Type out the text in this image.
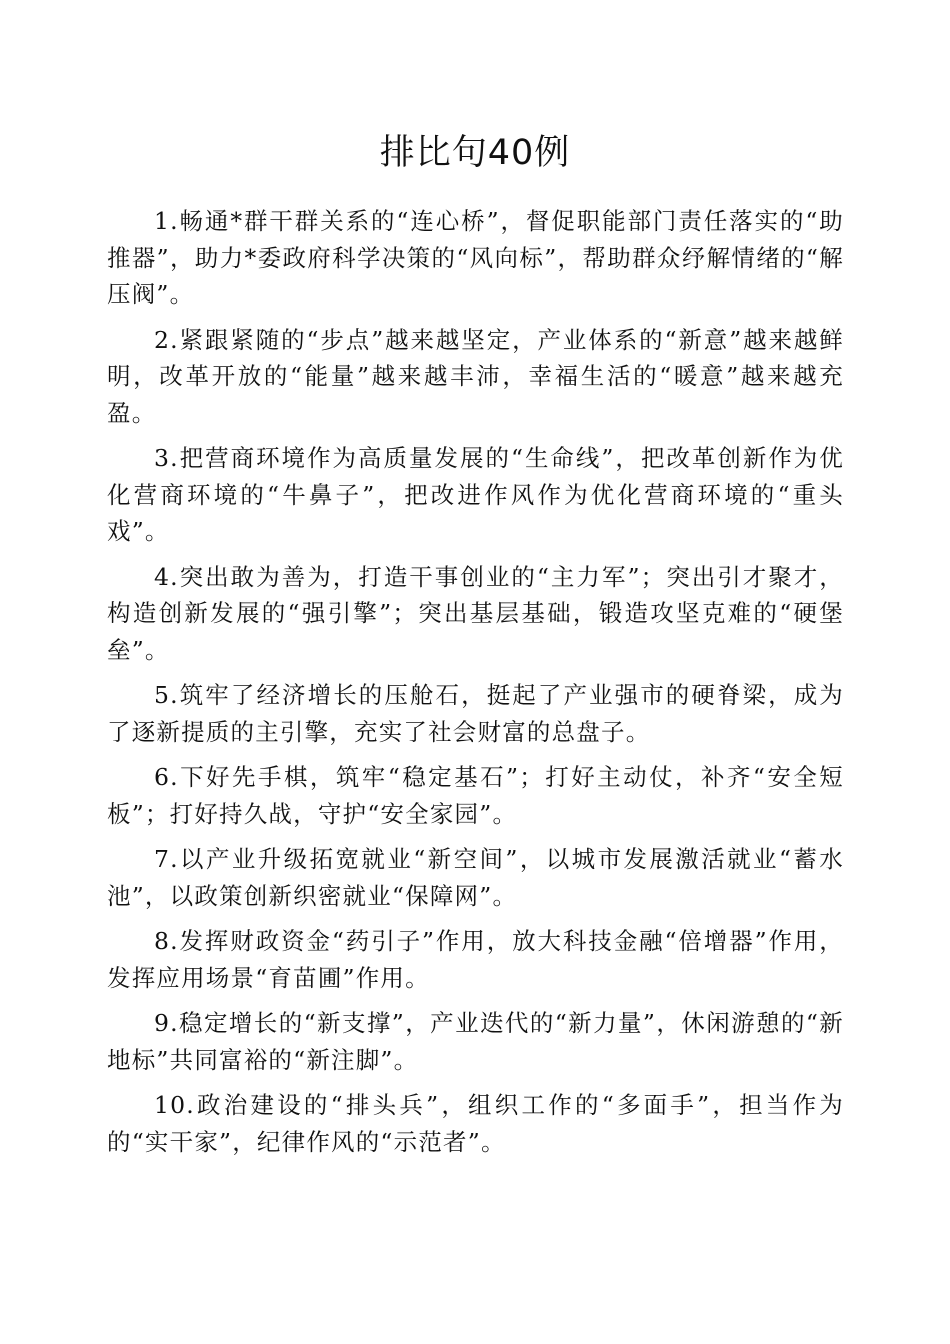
排比句40例

1.畅通*群干群关系的“连心桥”，督促职能部门责任落实的“助推器”，助力*委政府科学决策的“风向标”，帮助群众纾解情绪的“解压阀”。

2.紧跟紧随的“步点”越来越坚定，产业体系的“新意”越来越鲜明，改革开放的“能量”越来越丰沛，幸福生活的“暖意”越来越充盈。

3.把营商环境作为高质量发展的“生命线”，把改革创新作为优化营商环境的“牛鼻子”，把改进作风作为优化营商环境的“重头戏”。

4.突出敢为善为，打造干事创业的“主力军”；突出引才聚才，构造创新发展的“强引擎”；突出基层基础，锻造攻坚克难的“硬堡垒”。

5.筑牢了经济增长的压舱石，挺起了产业强市的硬脊梁，成为了逐新提质的主引擎，充实了社会财富的总盘子。

6.下好先手棋，筑牢“稳定基石”；打好主动仗，补齐“安全短板”；打好持久战，守护“安全家园”。

7.以产业升级拓宽就业“新空间”，以城市发展激活就业“蓄水池”，以政策创新织密就业“保障网”。

8.发挥财政资金“药引子”作用，放大科技金融“倍增器”作用，发挥应用场景“育苗圃”作用。

9.稳定增长的“新支撑”，产业迭代的“新力量”，休闲游憩的“新地标”共同富裕的“新注脚”。

10.政治建设的“排头兵”，组织工作的“多面手”，担当作为的“实干家”，纪律作风的“示范者”。
